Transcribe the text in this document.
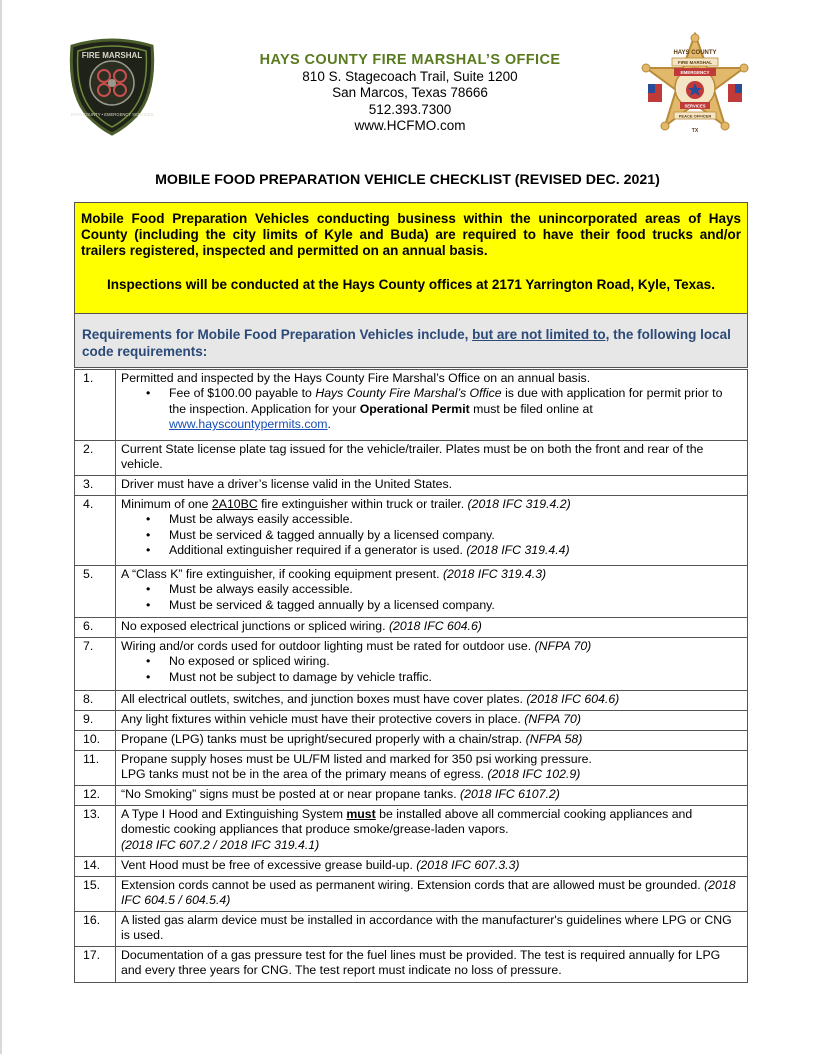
FIRE MARSHAL
HAYS COUNTY • EMERGENCY SERVICES
HAYS COUNTY FIRE MARSHAL’S OFFICE
810 S. Stagecoach Trail, Suite 1200
San Marcos, Texas 78666
512.393.7300
www.HCFMO.com
HAYS COUNTY
FIRE MARSHAL
EMERGENCY
SERVICES
PEACE OFFICER
TX
MOBILE FOOD PREPARATION VEHICLE CHECKLIST (REVISED DEC. 2021)
Mobile Food Preparation Vehicles conducting business within the unincorporated areas of Hays County (including the city limits of Kyle and Buda) are required to have their food trucks and/or trailers registered, inspected and permitted on an annual basis.
Inspections will be conducted at the Hays County offices at 2171 Yarrington Road, Kyle, Texas.
Requirements for Mobile Food Preparation Vehicles include, but are not limited to, the following local code requirements:
1.	Permitted and inspected by the Hays County Fire Marshal’s Office on an annual basis.
• Fee of $100.00 payable to Hays County Fire Marshal’s Office is due with application for permit prior to the inspection. Application for your Operational Permit must be filed online at www.hayscountypermits.com.

2.	Current State license plate tag issued for the vehicle/trailer. Plates must be on both the front and rear of the vehicle.
3.	Driver must have a driver’s license valid in the United States.
4.	Minimum of one 2A10BC fire extinguisher within truck or trailer. (2018 IFC 319.4.2)
• Must be always easily accessible.
• Must be serviced & tagged annually by a licensed company.
• Additional extinguisher required if a generator is used. (2018 IFC 319.4.4)

5.	A “Class K” fire extinguisher, if cooking equipment present. (2018 IFC 319.4.3)
• Must be always easily accessible.
• Must be serviced & tagged annually by a licensed company.

6.	No exposed electrical junctions or spliced wiring. (2018 IFC 604.6)
7.	Wiring and/or cords used for outdoor lighting must be rated for outdoor use. (NFPA 70)
• No exposed or spliced wiring.
• Must not be subject to damage by vehicle traffic.

8.	All electrical outlets, switches, and junction boxes must have cover plates. (2018 IFC 604.6)
9.	Any light fixtures within vehicle must have their protective covers in place. (NFPA 70)
10.	Propane (LPG) tanks must be upright/secured properly with a chain/strap. (NFPA 58)
11.	Propane supply hoses must be UL/FM listed and marked for 350 psi working pressure.
LPG tanks must not be in the area of the primary means of egress. (2018 IFC 102.9)

12.	“No Smoking” signs must be posted at or near propane tanks. (2018 IFC 6107.2)
13.	A Type I Hood and Extinguishing System must be installed above all commercial cooking appliances and domestic cooking appliances that produce smoke/grease-laden vapors.
(2018 IFC 607.2 / 2018 IFC 319.4.1)

14.	Vent Hood must be free of excessive grease build-up. (2018 IFC 607.3.3)
15.	Extension cords cannot be used as permanent wiring. Extension cords that are allowed must be grounded. (2018 IFC 604.5 / 604.5.4)
16.	A listed gas alarm device must be installed in accordance with the manufacturer's guidelines where LPG or CNG is used.
17.	Documentation of a gas pressure test for the fuel lines must be provided. The test is required annually for LPG and every three years for CNG. The test report must indicate no loss of pressure.
